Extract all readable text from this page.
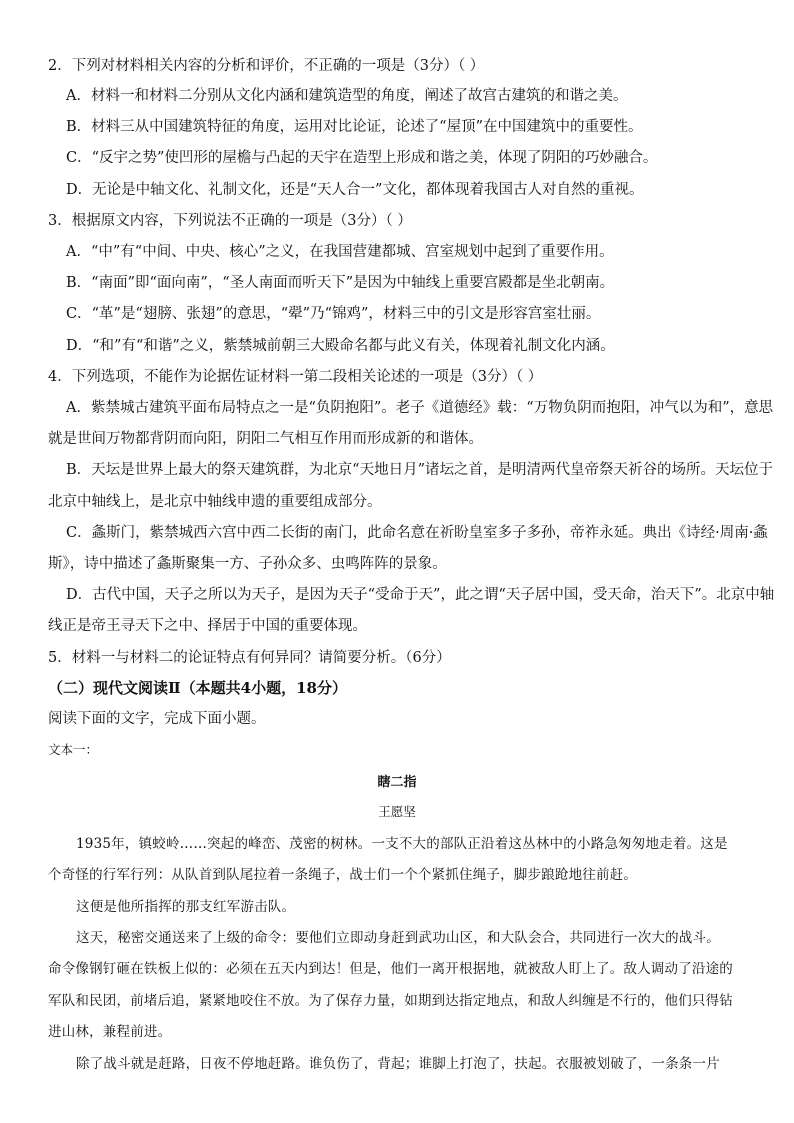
2．下列对材料相关内容的分析和评价，不正确的一项是（3分）（ ）
A．材料一和材料二分别从文化内涵和建筑造型的角度，阐述了故宫古建筑的和谐之美。
B．材料三从中国建筑特征的角度，运用对比论证，论述了“屋顶”在中国建筑中的重要性。
C．“反宇之势”使凹形的屋檐与凸起的天宇在造型上形成和谐之美，体现了阴阳的巧妙融合。
D．无论是中轴文化、礼制文化，还是“天人合一”文化，都体现着我国古人对自然的重视。
3．根据原文内容，下列说法不正确的一项是（3分）（ ）
A．“中”有“中间、中央、核心”之义，在我国营建都城、宫室规划中起到了重要作用。
B．“南面”即“面向南”，“圣人南面而听天下”是因为中轴线上重要宫殿都是坐北朝南。
C．“革”是“翅膀、张翅”的意思，“翚”乃“锦鸡”，材料三中的引文是形容宫室壮丽。
D．“和”有“和谐”之义，紫禁城前朝三大殿命名都与此义有关，体现着礼制文化内涵。
4．下列选项，不能作为论据佐证材料一第二段相关论述的一项是（3分）（ ）
A．紫禁城古建筑平面布局特点之一是“负阴抱阳”。老子《道德经》载：“万物负阴而抱阳，冲气以为和”，意思
就是世间万物都背阴而向阳，阴阳二气相互作用而形成新的和谐体。
B．天坛是世界上最大的祭天建筑群，为北京“天地日月”诸坛之首，是明清两代皇帝祭天祈谷的场所。天坛位于
北京中轴线上，是北京中轴线申遗的重要组成部分。
C．螽斯门，紫禁城西六宫中西二长街的南门，此命名意在祈盼皇室多子多孙，帝祚永延。典出《诗经·周南·螽
斯》，诗中描述了螽斯聚集一方、子孙众多、虫鸣阵阵的景象。
D．古代中国，天子之所以为天子，是因为天子“受命于天”，此之谓“天子居中国，受天命，治天下”。北京中轴
线正是帝王寻天下之中、择居于中国的重要体现。
5．材料一与材料二的论证特点有何异同？请简要分析。（6分）
（二）现代文阅读Ⅱ（本题共4小题，18分）
阅读下面的文字，完成下面小题。
文本一：
瞎二指
王愿坚
1935年，镇蛟岭……突起的峰峦、茂密的树林。一支不大的部队正沿着这丛林中的小路急匆匆地走着。这是
个奇怪的行军行列：从队首到队尾拉着一条绳子，战士们一个个紧抓住绳子，脚步踉跄地往前赶。
这便是他所指挥的那支红军游击队。
这天，秘密交通送来了上级的命令：要他们立即动身赶到武功山区，和大队会合，共同进行一次大的战斗。
命令像钢钉砸在铁板上似的：必须在五天内到达！但是，他们一离开根据地，就被敌人盯上了。敌人调动了沿途的
军队和民团，前堵后追，紧紧地咬住不放。为了保存力量，如期到达指定地点，和敌人纠缠是不行的，他们只得钻
进山林，兼程前进。
除了战斗就是赶路，日夜不停地赶路。谁负伤了，背起；谁脚上打泡了，扶起。衣服被划破了，一条条一片
